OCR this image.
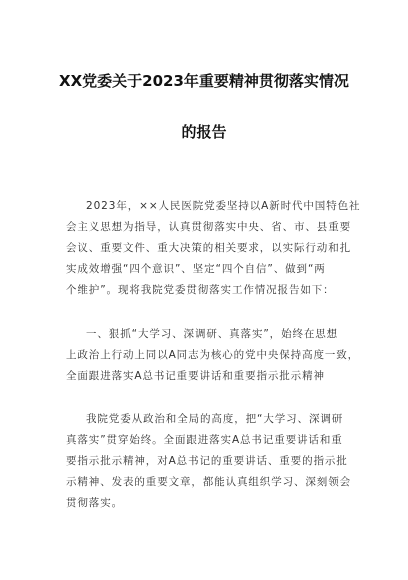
XX党委关于2023年重要精神贯彻落实情况
的报告
2023年，××人民医院党委坚持以A新时代中国特色社
会主义思想为指导，认真贯彻落实中央、省、市、县重要
会议、重要文件、重大决策的相关要求，以实际行动和扎
实成效增强“四个意识”、坚定“四个自信”、做到“两
个维护”。现将我院党委贯彻落实工作情况报告如下：
一、狠抓“大学习、深调研、真落实”，始终在思想
上政治上行动上同以A同志为核心的党中央保持高度一致，
全面跟进落实A总书记重要讲话和重要指示批示精神
我院党委从政治和全局的高度，把“大学习、深调研
真落实”贯穿始终。全面跟进落实A总书记重要讲话和重
要指示批示精神，对A总书记的重要讲话、重要的指示批
示精神、发表的重要文章，都能认真组织学习、深刻领会
贯彻落实。
